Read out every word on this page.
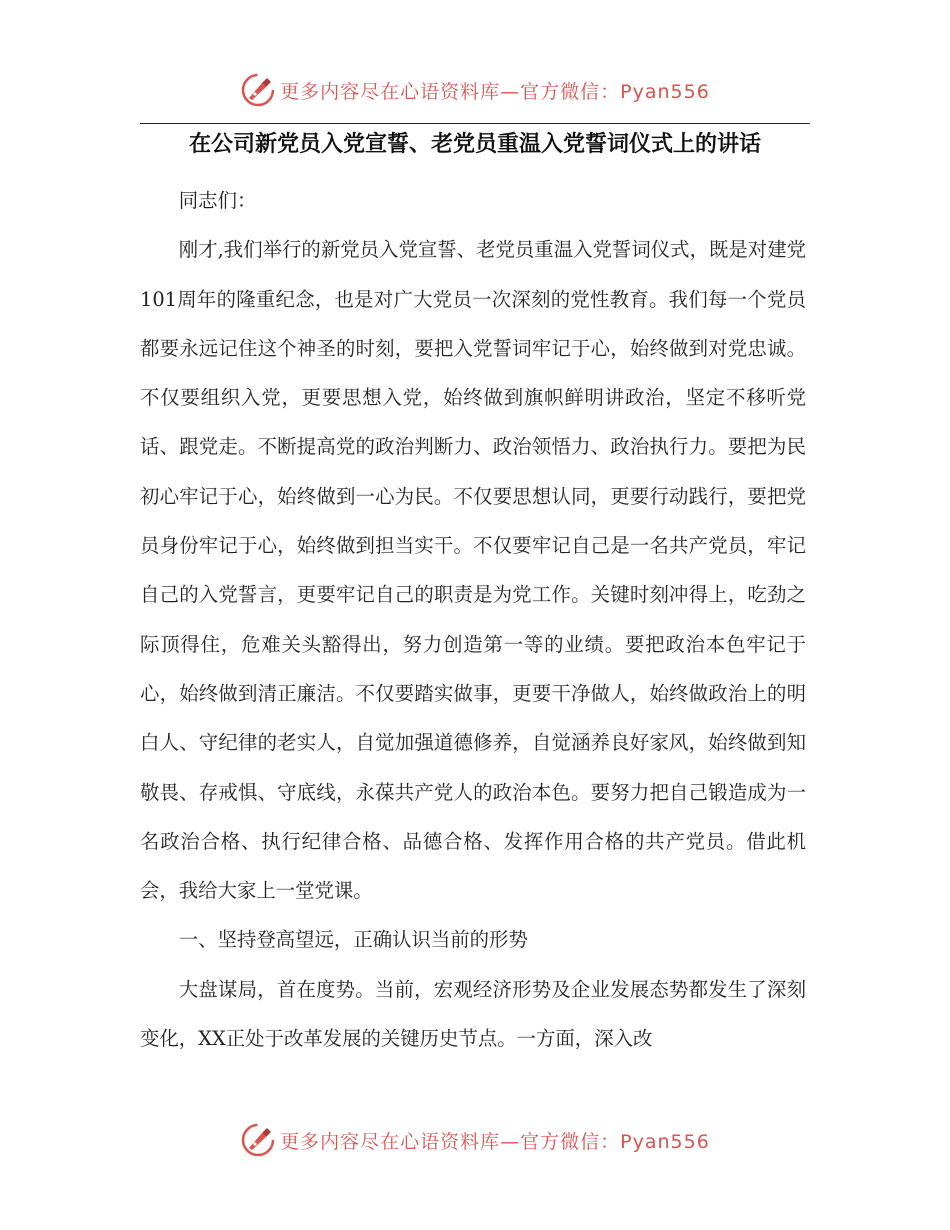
更多内容尽在心语资料库—官方微信：Pyan556
在公司新党员入党宣誓、老党员重温入党誓词仪式上的讲话

同志们：

刚才,我们举行的新党员入党宣誓、老党员重温入党誓词仪式，既是对建党101周年的隆重纪念，也是对广大党员一次深刻的党性教育。我们每一个党员都要永远记住这个神圣的时刻，要把入党誓词牢记于心，始终做到对党忠诚。不仅要组织入党，更要思想入党，始终做到旗帜鲜明讲政治，坚定不移听党话、跟党走。不断提高党的政治判断力、政治领悟力、政治执行力。要把为民初心牢记于心，始终做到一心为民。不仅要思想认同，更要行动践行，要把党员身份牢记于心，始终做到担当实干。不仅要牢记自己是一名共产党员，牢记自己的入党誓言，更要牢记自己的职责是为党工作。关键时刻冲得上，吃劲之际顶得住，危难关头豁得出，努力创造第一等的业绩。要把政治本色牢记于心，始终做到清正廉洁。不仅要踏实做事，更要干净做人，始终做政治上的明白人、守纪律的老实人，自觉加强道德修养，自觉涵养良好家风，始终做到知敬畏、存戒惧、守底线，永葆共产党人的政治本色。要努力把自己锻造成为一名政治合格、执行纪律合格、品德合格、发挥作用合格的共产党员。借此机会，我给大家上一堂党课。

一、坚持登高望远，正确认识当前的形势

大盘谋局，首在度势。当前，宏观经济形势及企业发展态势都发生了深刻变化，XX正处于改革发展的关键历史节点。一方面，深入改

更多内容尽在心语资料库—官方微信：Pyan556
